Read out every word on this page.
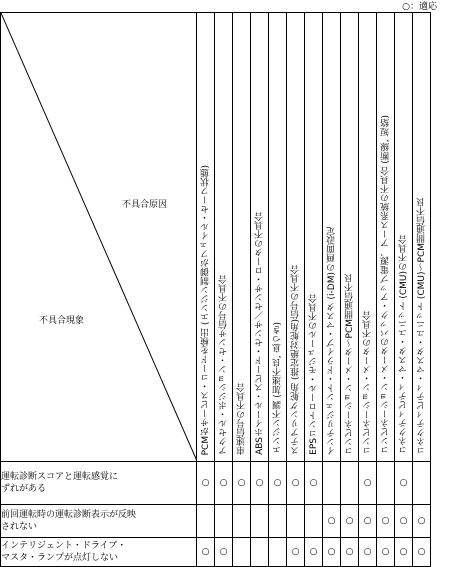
○：適応
不具合原因
不具合現象	PCMがサービス・コードを検出 (エンジン制御がフェイル・セーフ状態)	アクセル・ポジション・センサ信号の不具合	車速信号の不具合	ABSホイール・スピード・センサ／センサ・ロータの不具合	エンジン不調 (加速不良, 息つき)	ステアリング舵角 (推定絶対舵角)信号の不具合	EPSコントロール・モジュールの不具合	インテリジェント・ドライブ・マスタ (i-DM)の画面設定	コンビネーション・メータ～PCM間通信不良	コンビネーション・メータの不具合	コンビネーション・メータのバック・アップ電源、アース系統の不具合 (断線, 短絡)	コネクティビティ・マスタ・ユニット (CMU)の不具合	コネクティビティ・マスタ・ユニット (CMU)～PCM間通信不良

運転診断スコアと運転感覚に
ずれがある	○	○	○	○	○	○	○			○		○	
前回運転時の運転診断表示が反映
されない								○	○	○	○	○	○
インテリジェント・ドライブ・
マスタ・ランプが点灯しない	○	○				○	○	○	○	○	○	○	○
